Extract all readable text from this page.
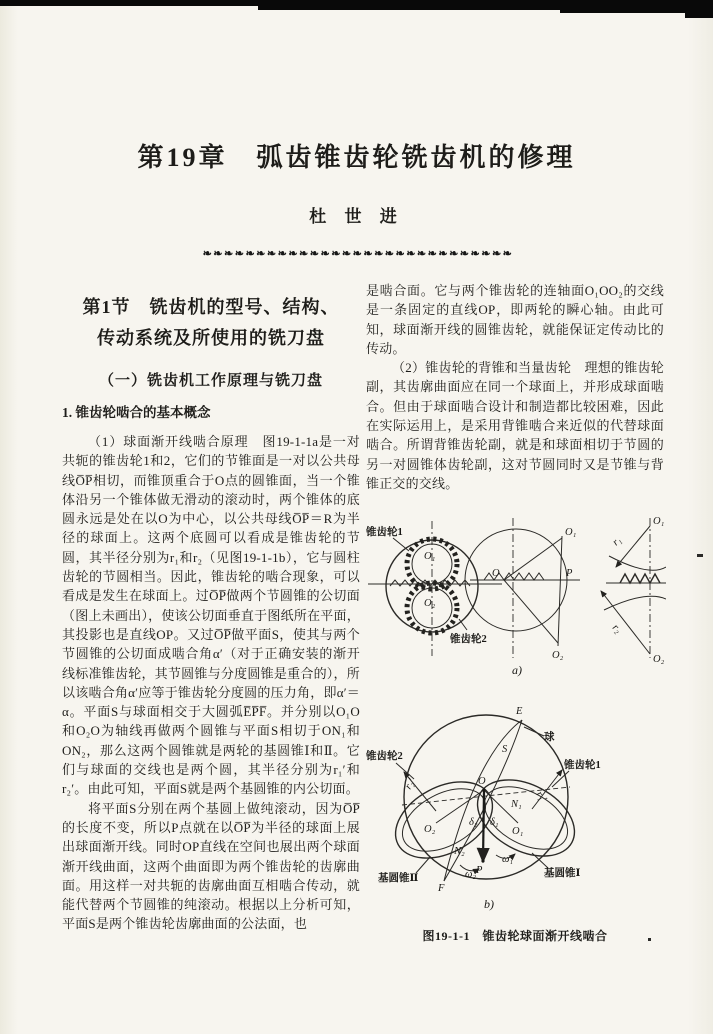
第19章　弧齿锥齿轮铣齿机的修理
杜 世 进
❧❧❧❧❧❧❧❧❧❧❧❧❧❧❧❧❧❧❧❧❧❧❧❧❧❧❧❧❧
第1节　铣齿机的型号、结构、
传动系统及所使用的铣刀盘
（一）铣齿机工作原理与铣刀盘
1. 锥齿轮啮合的基本概念

（1）球面渐开线啮合原理　图19-1-1a是一对共轭的锥齿轮1和2，它们的节锥面是一对以公共母线O̅P̅相切，而锥顶重合于O点的圆锥面，当一个锥体沿另一个锥体做无滑动的滚动时，两个锥体的底圆永远是处在以O为中心，以公共母线O̅P̅＝R为半径的球面上。这两个底圆可以看成是锥齿轮的节圆，其半径分别为r₁和r₂（见图19-1-1b），它与圆柱齿轮的节圆相当。因此，锥齿轮的啮合现象，可以看成是发生在球面上。过O̅P̅做两个节圆锥的公切面（图上未画出），使该公切面垂直于图纸所在平面，其投影也是直线OP。又过O̅P̅做平面S，使其与两个节圆锥的公切面成啮合角α′（对于正确安装的渐开线标准锥齿轮，其节圆锥与分度圆锥是重合的），所以该啮合角α′应等于锥齿轮分度圆的压力角，即α′＝α。平面S与球面相交于大圆弧E̅P̅F̅。并分别以O₁O和O₂O为轴线再做两个圆锥与平面S相切于ON₁和ON₂，那么这两个圆锥就是两轮的基圆锥Ⅰ和Ⅱ。它们与球面的交线也是两个圆，其半径分别为r₁′和r₂′。由此可知，平面S就是两个基圆锥的内公切面。

将平面S分别在两个基圆上做纯滚动，因为O̅P̅的长度不变，所以P点就在以O̅P̅为半径的球面上展出球面渐开线。同时OP直线在空间也展出两个球面渐开线曲面，这两个曲面即为两个锥齿轮的齿廓曲面。用这样一对共轭的齿廓曲面互相啮合传动，就能代替两个节圆锥的纯滚动。根据以上分析可知，平面S是两个锥齿轮齿廓曲面的公法面，也

是啮合面。它与两个锥齿轮的连轴面O₁OO₂的交线是一条固定的直线OP，即两轮的瞬心轴。由此可知，球面渐开线的圆锥齿轮，就能保证定传动比的传动。

（2）锥齿轮的背锥和当量齿轮　理想的锥齿轮副，其齿廓曲面应在同一个球面上，并形成球面啮合。但由于球面啮合设计和制造都比较困难，因此在实际运用上，是采用背锥啮合来近似的代替球面啮合。所谓背锥齿轮副，就是和球面相切于节圆的另一对圆锥体齿轮副，这对节圆同时又是节锥与背锥正交的交线。

锥齿轮1
O₁
O₂
锥齿轮2
O	P
O₁
O₂
r₁
r₂
O₁
O₂
a)
E
球
S
锥齿轮2
锥齿轮1
O
O₂	O₁
N₁
N₂
δ₂ δ₁
P
ω₁
ω₂
F
r₂′
r₁′
基圆锥Ⅱ	基圆锥Ⅰ
b)

图19-1-1　锥齿轮球面渐开线啮合
